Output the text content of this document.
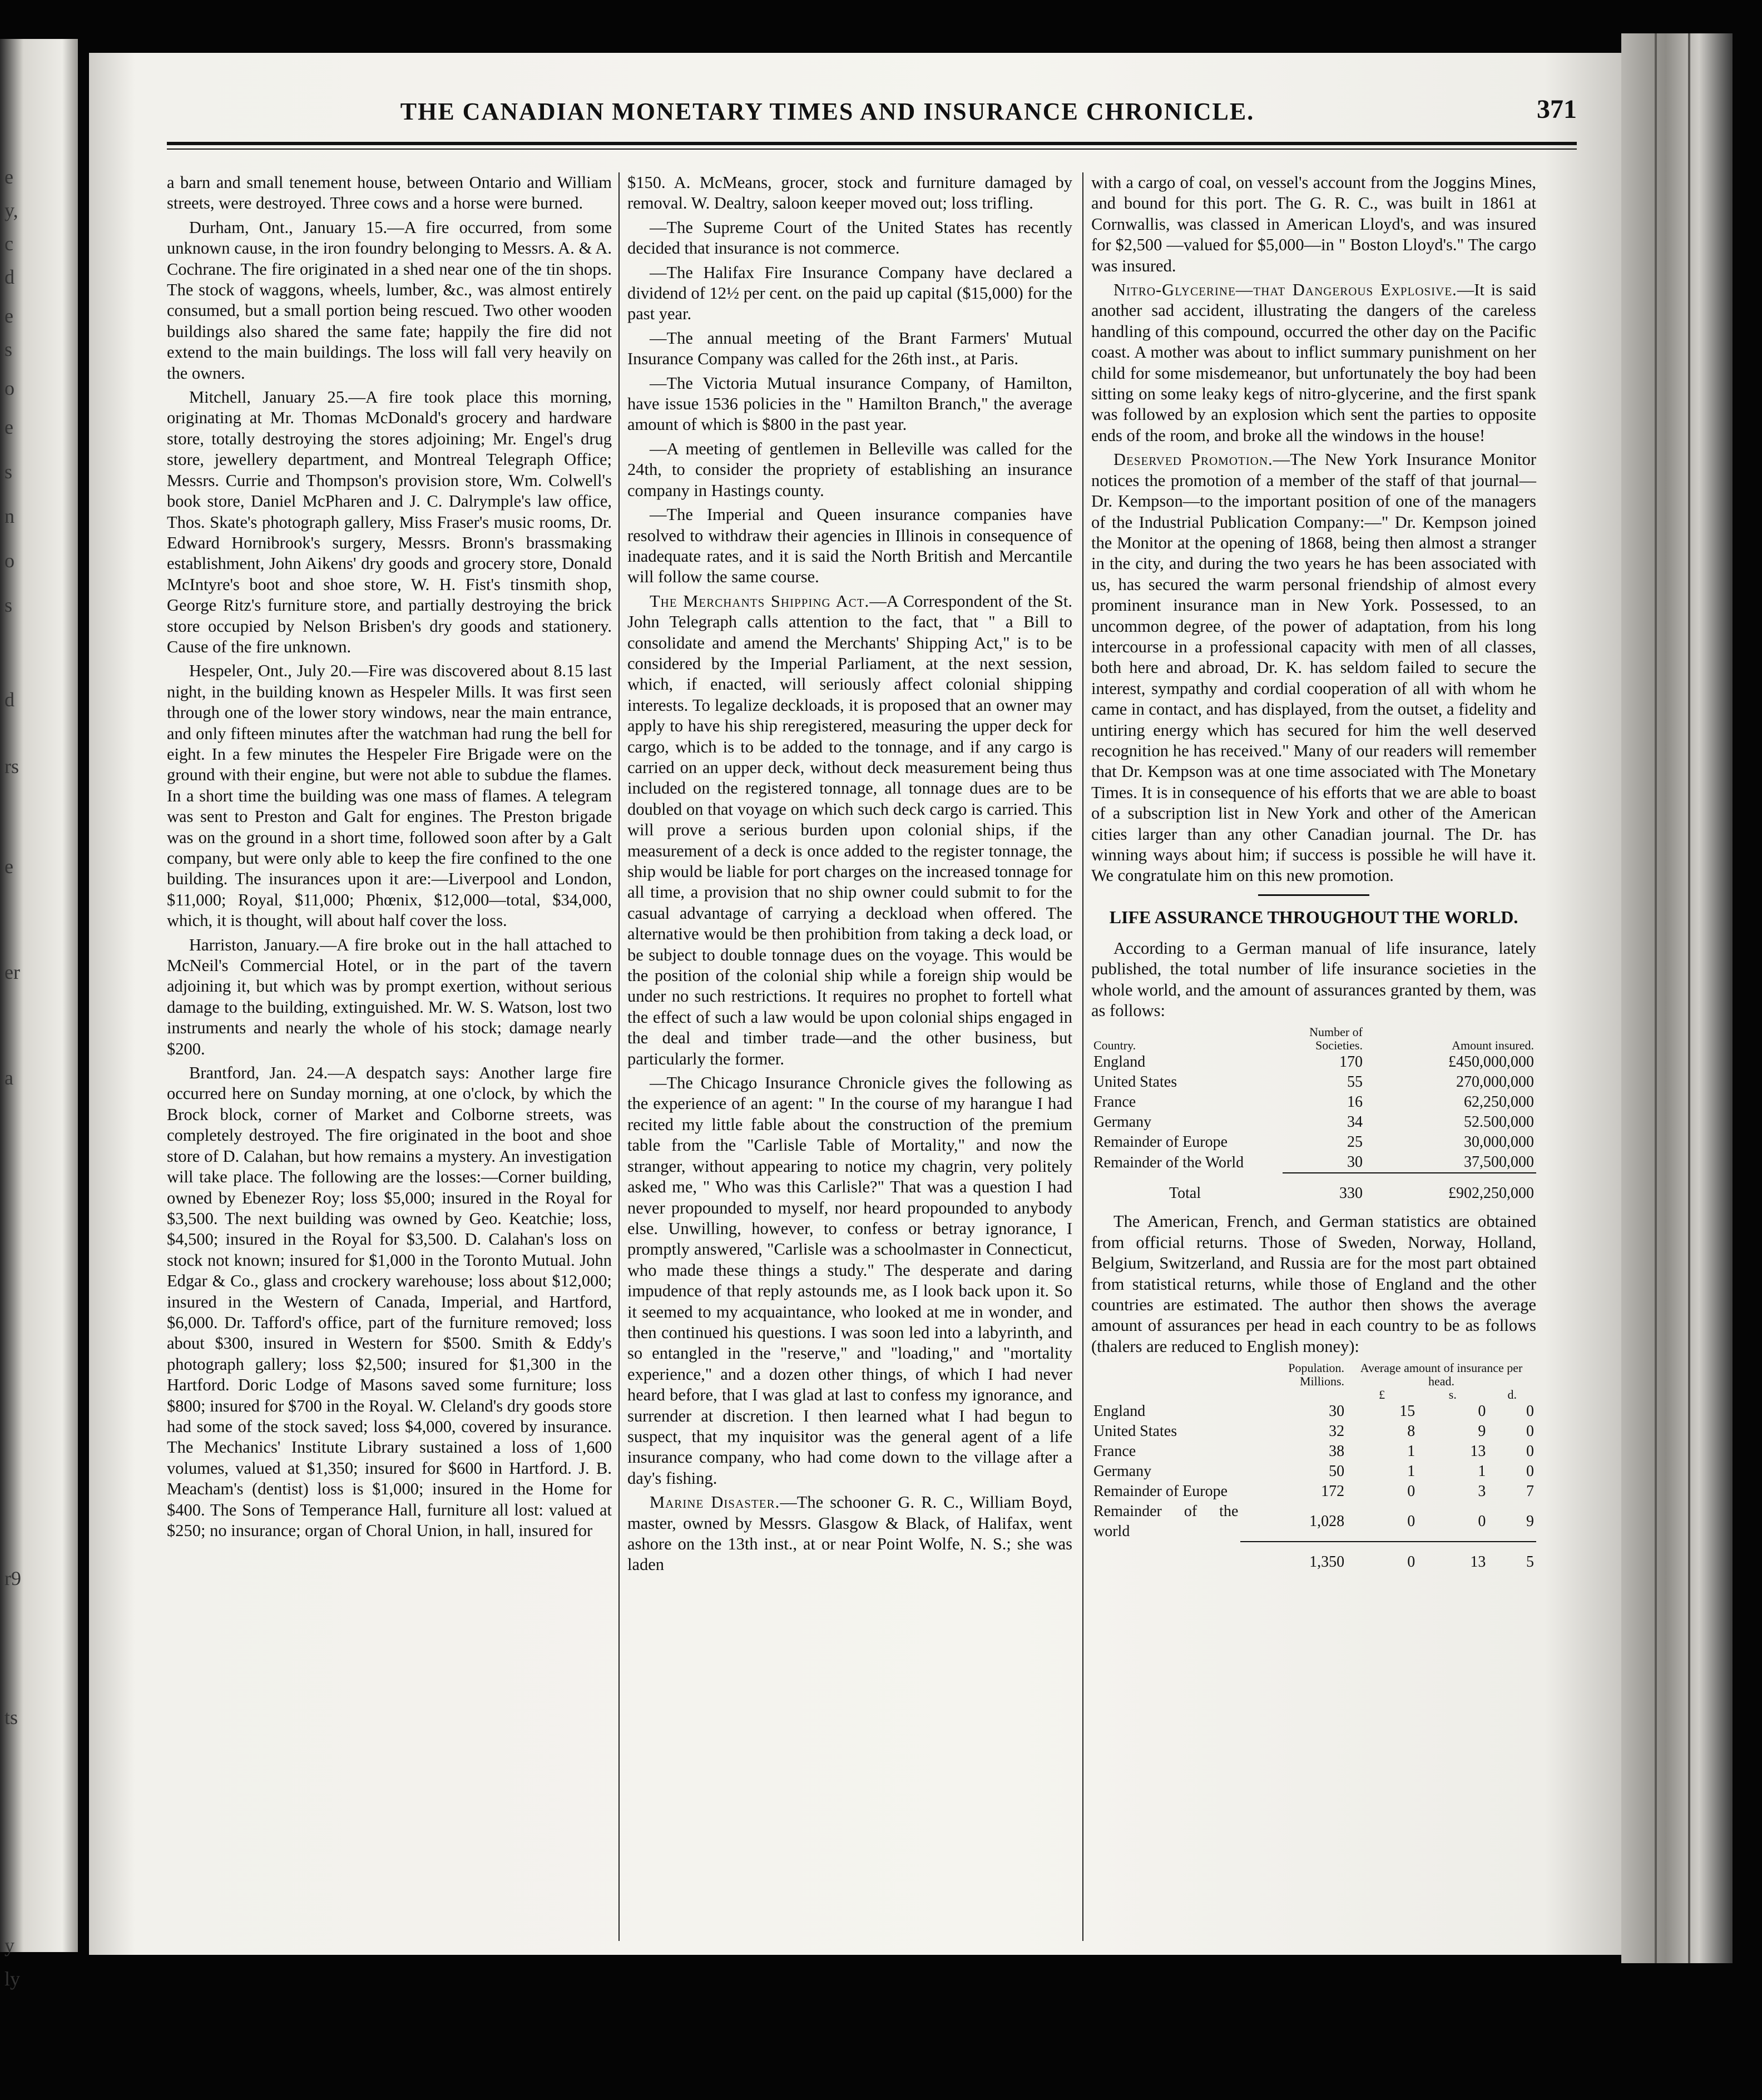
e
y,
c
d
e
s
o
e
s
n
o
s
d
rs
e
er
a
r9
ts
y
ly
THE CANADIAN MONETARY TIMES AND INSURANCE CHRONICLE.	371

a barn and small tenement house, between Ontario and William streets, were destroyed. Three cows and a horse were burned.

Durham, Ont., January 15.—A fire occurred, from some unknown cause, in the iron foundry belonging to Messrs. A. & A. Cochrane. The fire originated in a shed near one of the tin shops. The stock of waggons, wheels, lumber, &c., was almost entirely consumed, but a small portion being rescued. Two other wooden buildings also shared the same fate; happily the fire did not extend to the main buildings. The loss will fall very heavily on the owners.

Mitchell, January 25.—A fire took place this morning, originating at Mr. Thomas McDonald's grocery and hardware store, totally destroying the stores adjoining; Mr. Engel's drug store, jewellery department, and Montreal Telegraph Office; Messrs. Currie and Thompson's provision store, Wm. Colwell's book store, Daniel McPharen and J. C. Dalrymple's law office, Thos. Skate's photograph gallery, Miss Fraser's music rooms, Dr. Edward Hornibrook's surgery, Messrs. Bronn's brassmaking establishment, John Aikens' dry goods and grocery store, Donald McIntyre's boot and shoe store, W. H. Fist's tinsmith shop, George Ritz's furniture store, and partially destroying the brick store occupied by Nelson Brisben's dry goods and stationery. Cause of the fire unknown.

Hespeler, Ont., July 20.—Fire was discovered about 8.15 last night, in the building known as Hespeler Mills. It was first seen through one of the lower story windows, near the main entrance, and only fifteen minutes after the watchman had rung the bell for eight. In a few minutes the Hespeler Fire Brigade were on the ground with their engine, but were not able to subdue the flames. In a short time the building was one mass of flames. A telegram was sent to Preston and Galt for engines. The Preston brigade was on the ground in a short time, followed soon after by a Galt company, but were only able to keep the fire confined to the one building. The insurances upon it are:—Liverpool and London, $11,000; Royal, $11,000; Phœnix, $12,000—total, $34,000, which, it is thought, will about half cover the loss.

Harriston, January.—A fire broke out in the hall attached to McNeil's Commercial Hotel, or in the part of the tavern adjoining it, but which was by prompt exertion, without serious damage to the building, extinguished. Mr. W. S. Watson, lost two instruments and nearly the whole of his stock; damage nearly $200.

Brantford, Jan. 24.—A despatch says: Another large fire occurred here on Sunday morning, at one o'clock, by which the Brock block, corner of Market and Colborne streets, was completely destroyed. The fire originated in the boot and shoe store of D. Calahan, but how remains a mystery. An investigation will take place. The following are the losses:—Corner building, owned by Ebenezer Roy; loss $5,000; insured in the Royal for $3,500. The next building was owned by Geo. Keatchie; loss, $4,500; insured in the Royal for $3,500. D. Calahan's loss on stock not known; insured for $1,000 in the Toronto Mutual. John Edgar & Co., glass and crockery warehouse; loss about $12,000; insured in the Western of Canada, Imperial, and Hartford, $6,000. Dr. Tafford's office, part of the furniture removed; loss about $300, insured in Western for $500. Smith & Eddy's photograph gallery; loss $2,500; insured for $1,300 in the Hartford. Doric Lodge of Masons saved some furniture; loss $800; insured for $700 in the Royal. W. Cleland's dry goods store had some of the stock saved; loss $4,000, covered by insurance. The Mechanics' Institute Library sustained a loss of 1,600 volumes, valued at $1,350; insured for $600 in Hartford. J. B. Meacham's (dentist) loss is $1,000; insured in the Home for $400. The Sons of Temperance Hall, furniture all lost: valued at $250; no insurance; organ of Choral Union, in hall, insured for

$150. A. McMeans, grocer, stock and furniture damaged by removal. W. Dealtry, saloon keeper moved out; loss trifling.

—The Supreme Court of the United States has recently decided that insurance is not commerce.

—The Halifax Fire Insurance Company have declared a dividend of 12½ per cent. on the paid up capital ($15,000) for the past year.

—The annual meeting of the Brant Farmers' Mutual Insurance Company was called for the 26th inst., at Paris.

—The Victoria Mutual insurance Company, of Hamilton, have issue 1536 policies in the " Hamilton Branch," the average amount of which is $800 in the past year.

—A meeting of gentlemen in Belleville was called for the 24th, to consider the propriety of establishing an insurance company in Hastings county.

—The Imperial and Queen insurance companies have resolved to withdraw their agencies in Illinois in consequence of inadequate rates, and it is said the North British and Mercantile will follow the same course.

The Merchants Shipping Act.—A Correspondent of the St. John Telegraph calls attention to the fact, that " a Bill to consolidate and amend the Merchants' Shipping Act," is to be considered by the Imperial Parliament, at the next session, which, if enacted, will seriously affect colonial shipping interests. To legalize deckloads, it is proposed that an owner may apply to have his ship reregistered, measuring the upper deck for cargo, which is to be added to the tonnage, and if any cargo is carried on an upper deck, without deck measurement being thus included on the registered tonnage, all tonnage dues are to be doubled on that voyage on which such deck cargo is carried. This will prove a serious burden upon colonial ships, if the measurement of a deck is once added to the register tonnage, the ship would be liable for port charges on the increased tonnage for all time, a provision that no ship owner could submit to for the casual advantage of carrying a deckload when offered. The alternative would be then prohibition from taking a deck load, or be subject to double tonnage dues on the voyage. This would be the position of the colonial ship while a foreign ship would be under no such restrictions. It requires no prophet to fortell what the effect of such a law would be upon colonial ships engaged in the deal and timber trade—and the other business, but particularly the former.

—The Chicago Insurance Chronicle gives the following as the experience of an agent: " In the course of my harangue I had recited my little fable about the construction of the premium table from the "Carlisle Table of Mortality," and now the stranger, without appearing to notice my chagrin, very politely asked me, " Who was this Carlisle?" That was a question I had never propounded to myself, nor heard propounded to anybody else. Unwilling, however, to confess or betray ignorance, I promptly answered, "Carlisle was a schoolmaster in Connecticut, who made these things a study." The desperate and daring impudence of that reply astounds me, as I look back upon it. So it seemed to my acquaintance, who looked at me in wonder, and then continued his questions. I was soon led into a labyrinth, and so entangled in the "reserve," and "loading," and "mortality experience," and a dozen other things, of which I had never heard before, that I was glad at last to confess my ignorance, and surrender at discretion. I then learned what I had begun to suspect, that my inquisitor was the general agent of a life insurance company, who had come down to the village after a day's fishing.

Marine Disaster.—The schooner G. R. C., William Boyd, master, owned by Messrs. Glasgow & Black, of Halifax, went ashore on the 13th inst., at or near Point Wolfe, N. S.; she was laden

with a cargo of coal, on vessel's account from the Joggins Mines, and bound for this port. The G. R. C., was built in 1861 at Cornwallis, was classed in American Lloyd's, and was insured for $2,500 —valued for $5,000—in " Boston Lloyd's." The cargo was insured.

Nitro-Glycerine—that Dangerous Explosive.—It is said another sad accident, illustrating the dangers of the careless handling of this compound, occurred the other day on the Pacific coast. A mother was about to inflict summary punishment on her child for some misdemeanor, but unfortunately the boy had been sitting on some leaky kegs of nitro-glycerine, and the first spank was followed by an explosion which sent the parties to opposite ends of the room, and broke all the windows in the house!

Deserved Promotion.—The New York Insurance Monitor notices the promotion of a member of the staff of that journal—Dr. Kempson—to the important position of one of the managers of the Industrial Publication Company:—" Dr. Kempson joined the Monitor at the opening of 1868, being then almost a stranger in the city, and during the two years he has been associated with us, has secured the warm personal friendship of almost every prominent insurance man in New York. Possessed, to an uncommon degree, of the power of adaptation, from his long intercourse in a professional capacity with men of all classes, both here and abroad, Dr. K. has seldom failed to secure the interest, sympathy and cordial cooperation of all with whom he came in contact, and has displayed, from the outset, a fidelity and untiring energy which has secured for him the well deserved recognition he has received." Many of our readers will remember that Dr. Kempson was at one time associated with The Monetary Times. It is in consequence of his efforts that we are able to boast of a subscription list in New York and other of the American cities larger than any other Canadian journal. The Dr. has winning ways about him; if success is possible he will have it. We congratulate him on this new promotion.

LIFE ASSURANCE THROUGHOUT THE WORLD.

According to a German manual of life insurance, lately published, the total number of life insurance societies in the whole world, and the amount of assurances granted by them, was as follows:

Country.	Number of Societies.	Amount insured.
England	170	£450,000,000
United States	55	270,000,000
France	16	62,250,000
Germany	34	52.500,000
Remainder of Europe	25	30,000,000
Remainder of the World	30	37,500,000
Total	330	£902,250,000

The American, French, and German statistics are obtained from official returns. Those of Sweden, Norway, Holland, Belgium, Switzerland, and Russia are for the most part obtained from statistical returns, while those of England and the other countries are estimated. The author then shows the average amount of assurances per head in each country to be as follows (thalers are reduced to English money):

	Population. Millions.	Average amount of insurance per head.		
		£	s.	d.
England	30	15	0	0
United States	32	8	9	0
France	38	1	13	0
Germany	50	1	1	0
Remainder of Europe	172	0	3	7
Remainder of the world	1,028	0	0	9
	1,350	0	13	5
